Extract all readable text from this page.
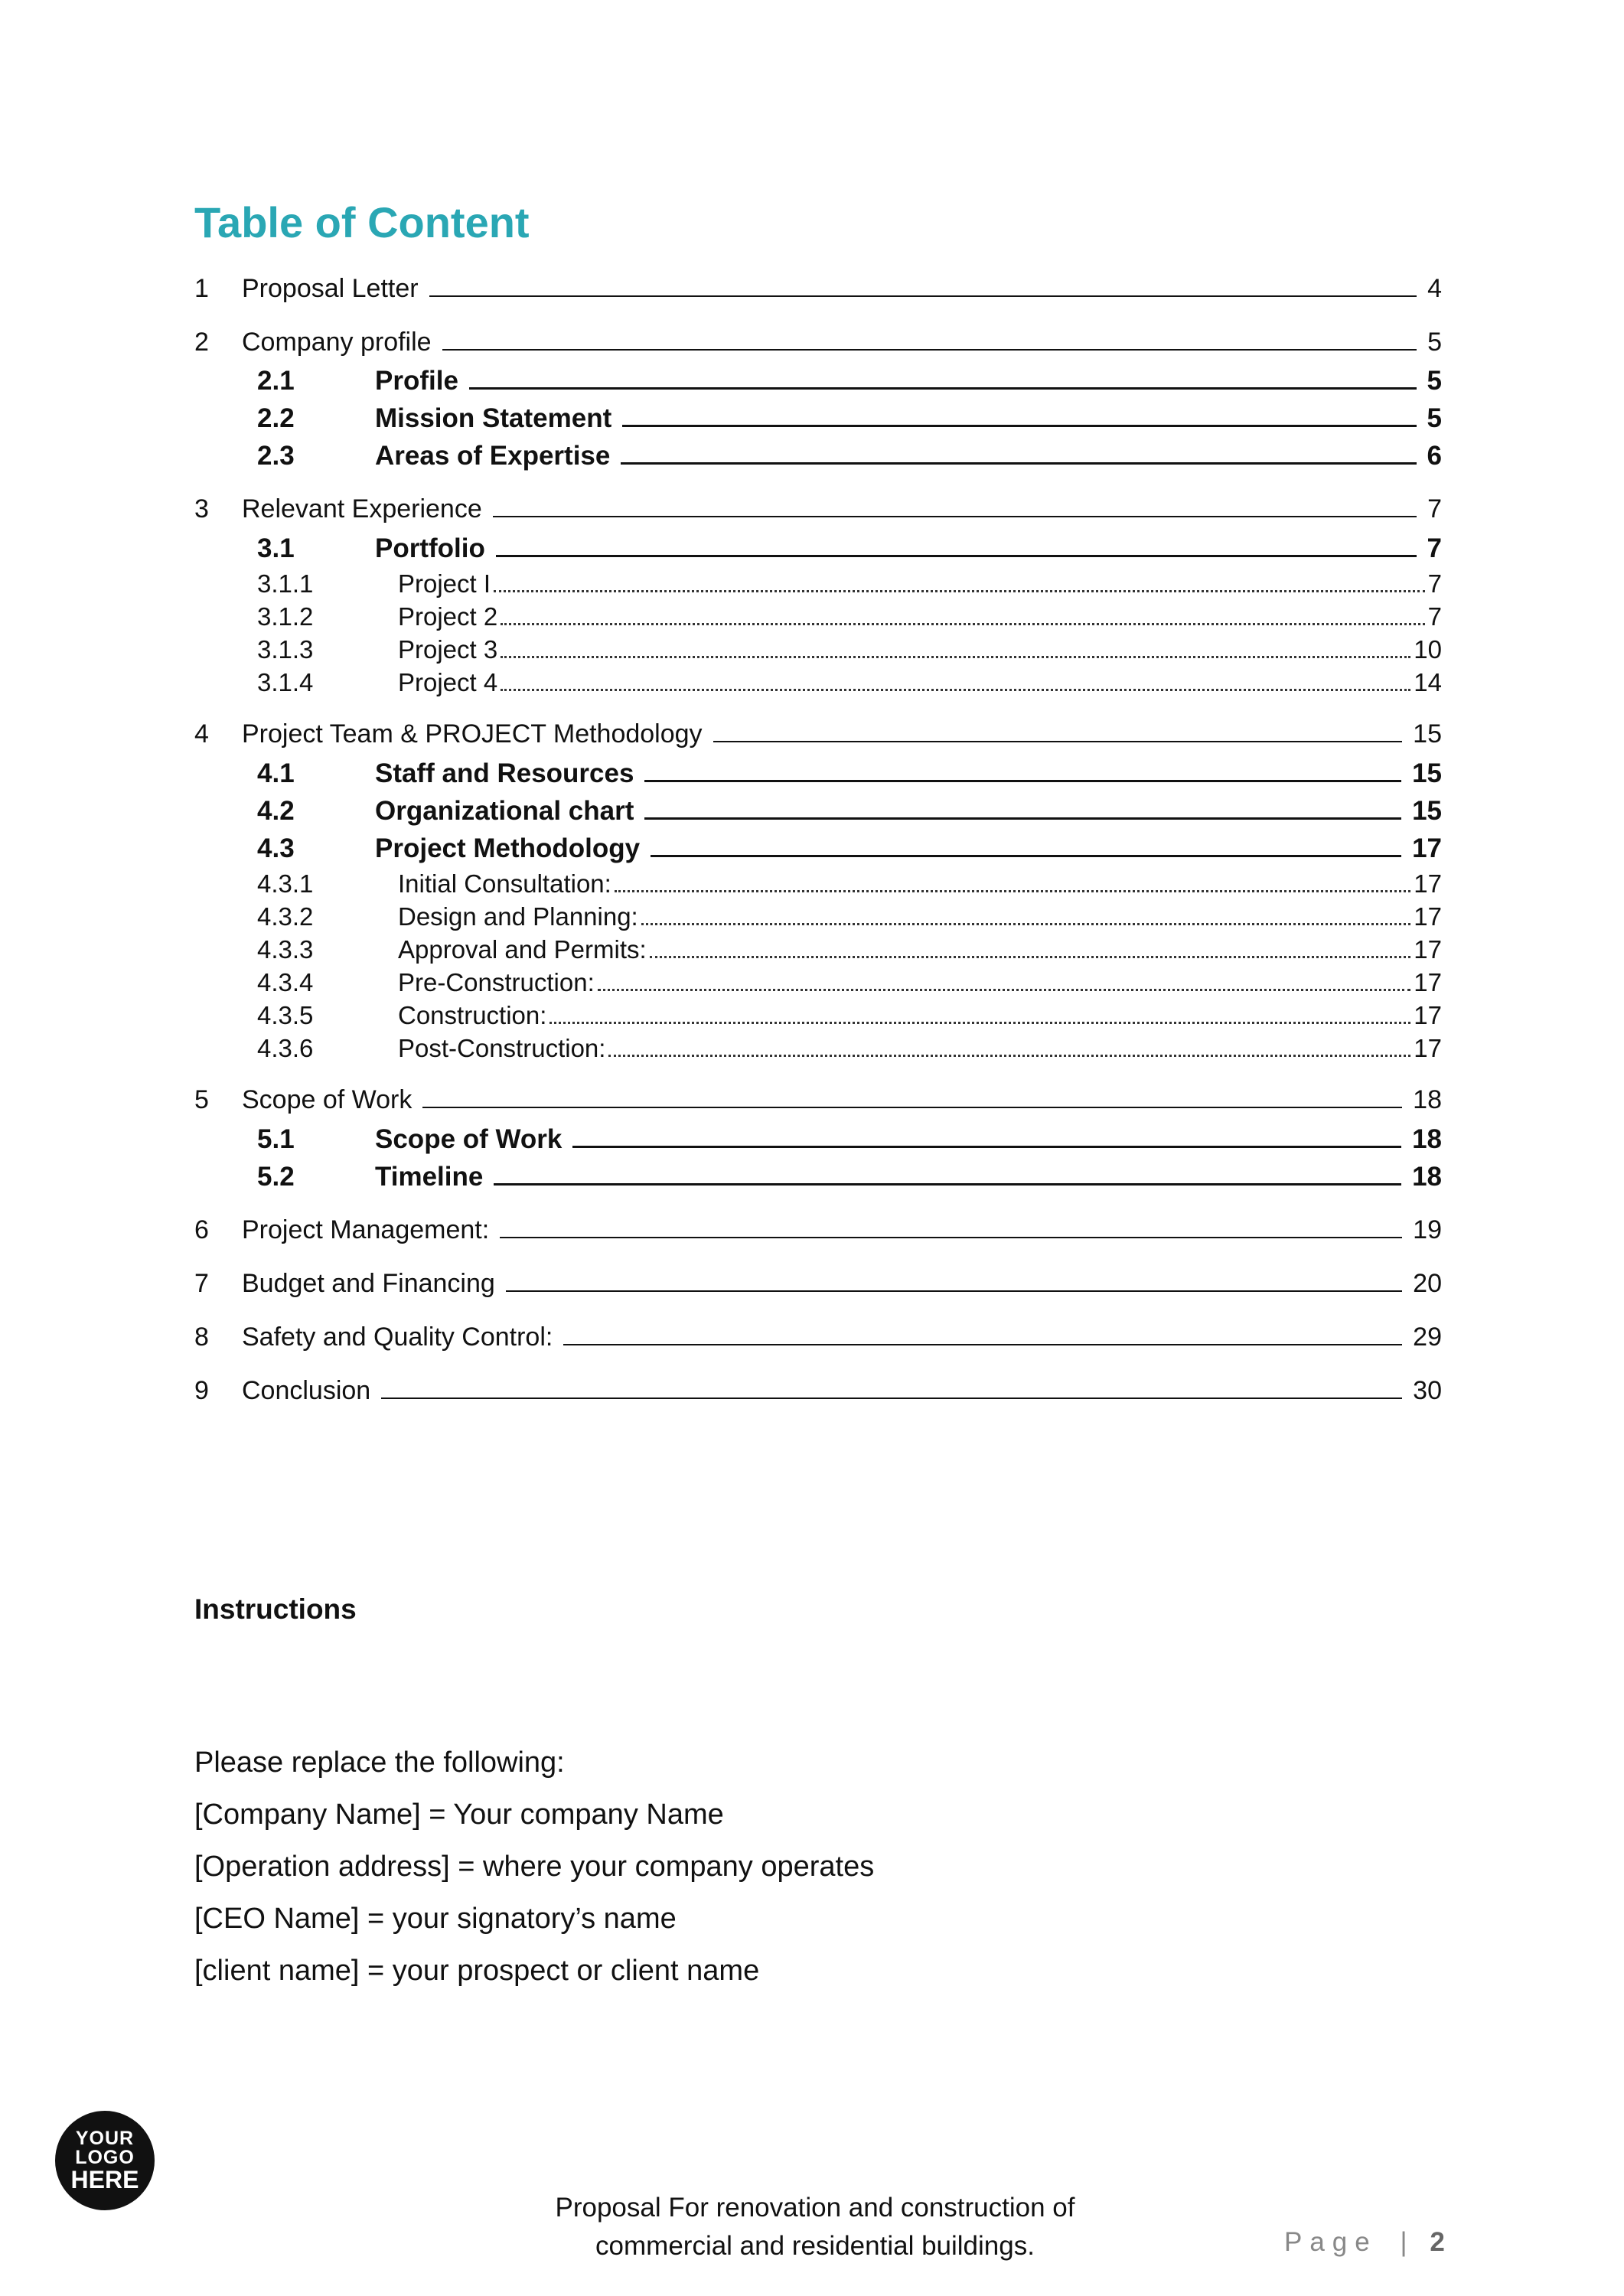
Table of Content
1	Proposal Letter	4
2	Company profile	5
2.1	Profile	5
2.2	Mission Statement	5
2.3	Areas of Expertise	6
3	Relevant Experience	7
3.1	Portfolio	7
3.1.1	Project I	7
3.1.2	Project 2	7
3.1.3	Project 3	10
3.1.4	Project 4	14
4	Project Team & PROJECT Methodology	15
4.1	Staff and Resources	15
4.2	Organizational chart	15
4.3	Project Methodology	17
4.3.1	Initial Consultation:	17
4.3.2	Design and Planning:	17
4.3.3	Approval and Permits:	17
4.3.4	Pre-Construction:	17
4.3.5	Construction:	17
4.3.6	Post-Construction:	17
5	Scope of Work	18
5.1	Scope of Work	18
5.2	Timeline	18
6	Project Management:	19
7	Budget and Financing	20
8	Safety and Quality Control:	29
9	Conclusion	30
Instructions

Please replace the following:

[Company Name] = Your company Name

[Operation address] = where your company operates

[CEO Name] = your signatory’s name

[client name] = your prospect or client name

YOUR
LOGO
HERE
Proposal For renovation and construction of
commercial and residential buildings.	Page | 2
